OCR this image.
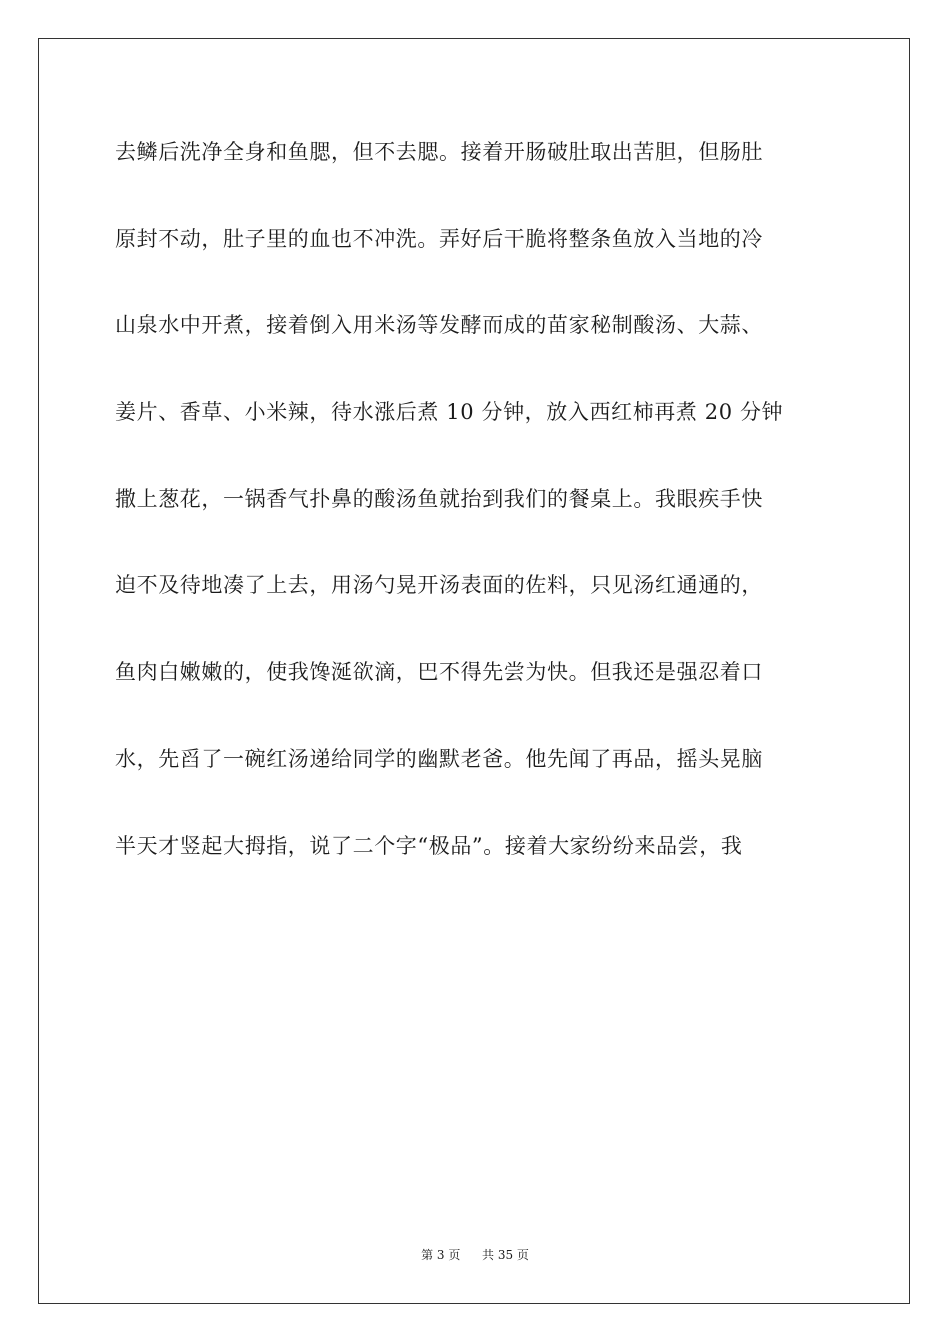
去鳞后洗净全身和鱼腮，但不去腮。接着开肠破肚取出苦胆，但肠肚
原封不动，肚子里的血也不冲洗。弄好后干脆将整条鱼放入当地的冷
山泉水中开煮，接着倒入用米汤等发酵而成的苗家秘制酸汤、大蒜、
姜片、香草、小米辣，待水涨后煮 10 分钟，放入西红柿再煮 20 分钟
撒上葱花，一锅香气扑鼻的酸汤鱼就抬到我们的餐桌上。我眼疾手快
迫不及待地凑了上去，用汤勺晃开汤表面的佐料，只见汤红通通的，
鱼肉白嫩嫩的，使我馋涎欲滴，巴不得先尝为快。但我还是强忍着口
水，先舀了一碗红汤递给同学的幽默老爸。他先闻了再品，摇头晃脑
半天才竖起大拇指，说了二个字“极品”。接着大家纷纷来品尝，我
第 3 页 共 35 页
